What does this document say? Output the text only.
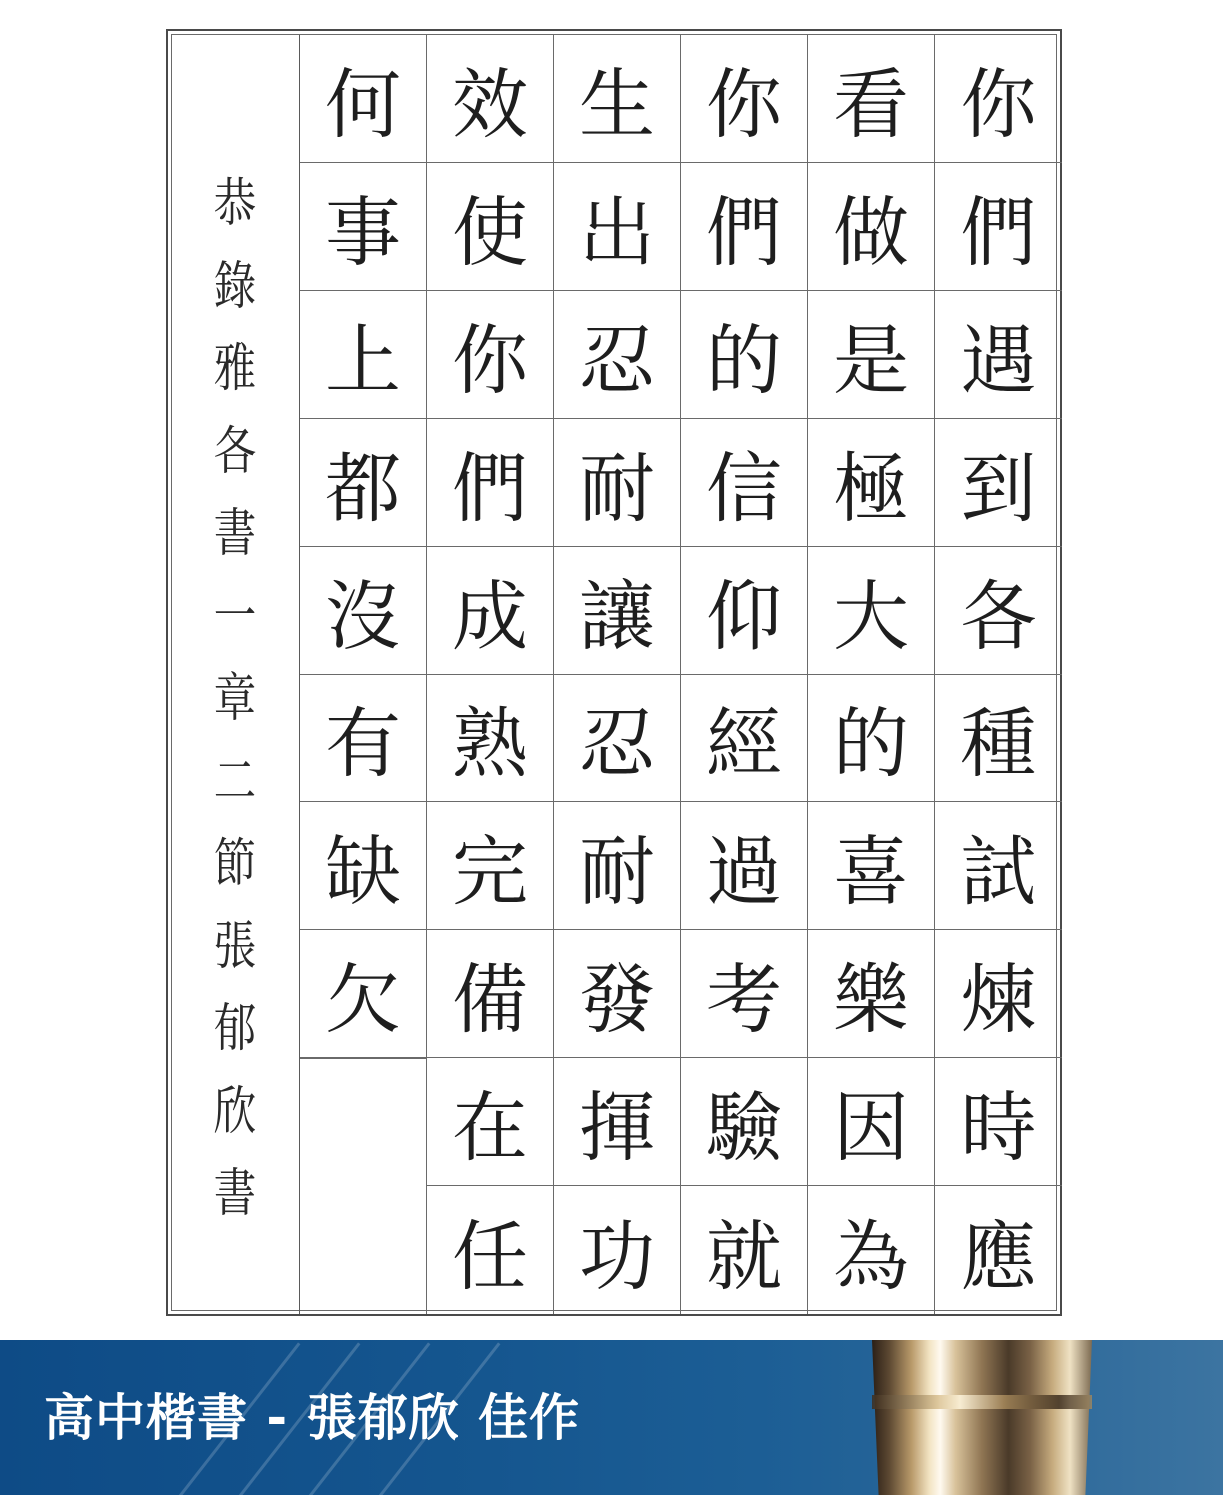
恭
錄
雅
各
書
一
章
二
節
張
郁
欣
書
何 效 生 你 看 你
事 使 出 們 做 們
上 你 忍 的 是 遇
都 們 耐 信 極 到
沒 成 讓 仰 大 各
有 熟 忍 經 的 種
缺 完 耐 過 喜 試
欠 備 發 考 樂 煉
在 揮 驗 因 時
任 功 就 為 應
高中楷書 - 張郁欣 佳作
